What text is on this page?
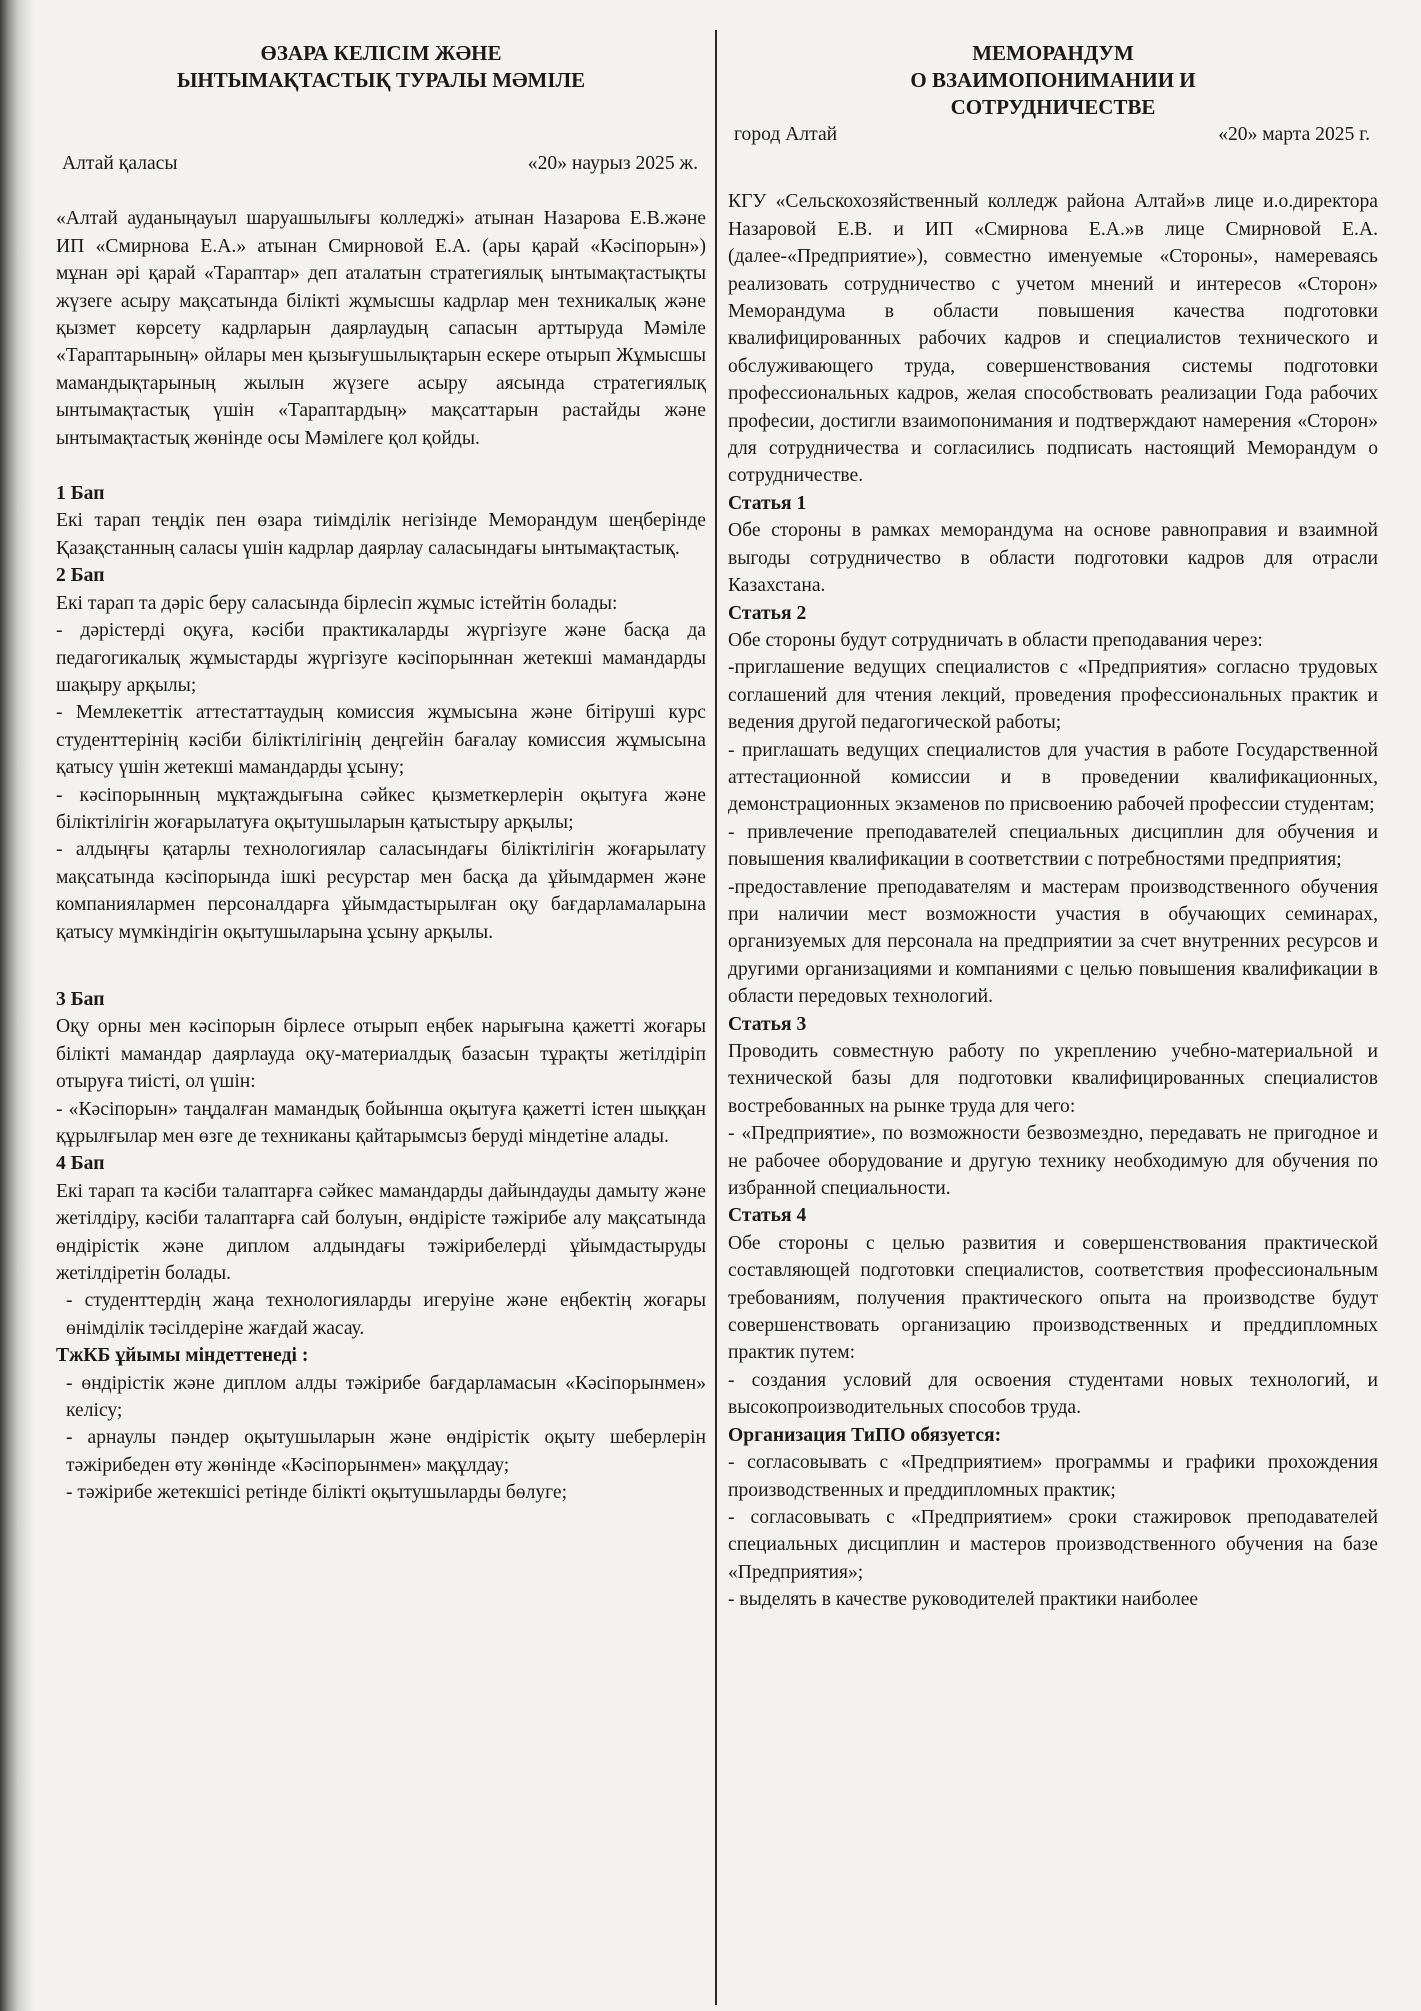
ӨЗАРА КЕЛІСІМ ЖӘНЕ
ЫНТЫМАҚТАСТЫҚ ТУРАЛЫ МӘМІЛЕ
Алтай қаласы	«20» наурыз 2025 ж.

«Алтай ауданыңауыл шаруашылығы колледжі» атынан Назарова Е.В.және ИП «Смирнова Е.А.» атынан Смирновой Е.А. (ары қарай «Кәсіпорын») мұнан әрі қарай «Тараптар» деп аталатын стратегиялық ынтымақтастықты жүзеге асыру мақсатында білікті жұмысшы кадрлар мен техникалық және қызмет көрсету кадрларын даярлаудың сапасын арттыруда Мәміле «Тараптарының» ойлары мен қызығушылықтарын ескере отырып Жұмысшы мамандықтарының жылын жүзеге асыру аясында стратегиялық ынтымақтастық үшін «Тараптардың» мақсаттарын растайды және ынтымақтастық жөнінде осы Мәмілеге қол қойды.

1 Бап

Екі тарап теңдік пен өзара тиімділік негізінде Меморандум шеңберінде Қазақстанның саласы үшін кадрлар даярлау саласындағы ынтымақтастық.

2 Бап

Екі тарап та дәріс беру саласында бірлесіп жұмыс істейтін болады:

- дәрістерді оқуға, кәсіби практикаларды жүргізуге және басқа да педагогикалық жұмыстарды жүргізуге кәсіпорыннан жетекші мамандарды шақыру арқылы;

- Мемлекеттік аттестаттаудың комиссия жұмысына және бітіруші курс студенттерінің кәсіби біліктілігінің деңгейін бағалау комиссия жұмысына қатысу үшін жетекші мамандарды ұсыну;

- кәсіпорынның мұқтаждығына сәйкес қызметкерлерін оқытуға және біліктілігін жоғарылатуға оқытушыларын қатыстыру арқылы;

- алдыңғы қатарлы технологиялар саласындағы біліктілігін жоғарылату мақсатында кәсіпорында ішкі ресурстар мен басқа да ұйымдармен және компаниялармен персоналдарға ұйымдастырылған оқу бағдарламаларына қатысу мүмкіндігін оқытушыларына ұсыну арқылы.

3 Бап

Оқу орны мен кәсіпорын бірлесе отырып еңбек нарығына қажетті жоғары білікті мамандар даярлауда оқу-материалдық базасын тұрақты жетілдіріп отыруға тиісті, ол үшін:

- «Кәсіпорын» таңдалған мамандық бойынша оқытуға қажетті істен шыққан құрылғылар мен өзге де техниканы қайтарымсыз беруді міндетіне алады.

4 Бап

Екі тарап та кәсіби талаптарға сәйкес мамандарды дайындауды дамыту және жетілдіру, кәсіби талаптарға сай болуын, өндірісте тәжірибе алу мақсатында өндірістік және диплом алдындағы тәжірибелерді ұйымдастыруды жетілдіретін болады.

- студенттердің жаңа технологияларды игеруіне және еңбектің жоғары өнімділік тәсілдеріне жағдай жасау.

ТжКБ ұйымы міндеттенеді :

- өндірістік және диплом алды тәжірибе бағдарламасын «Кәсіпорынмен» келісу;

- арнаулы пәндер оқытушыларын және өндірістік оқыту шеберлерін тәжірибеден өту жөнінде «Кәсіпорынмен» мақұлдау;

- тәжірибе жетекшісі ретінде білікті оқытушыларды бөлуге;

МЕМОРАНДУМ
О ВЗАИМОПОНИМАНИИ И
СОТРУДНИЧЕСТВЕ
город Алтай	«20» марта 2025 г.

КГУ «Сельскохозяйственный колледж района Алтай»в лице и.о.директора Назаровой Е.В. и ИП «Смирнова Е.А.»в лице Смирновой Е.А. (далее-«Предприятие»), совместно именуемые «Стороны», намереваясь реализовать сотрудничество с учетом мнений и интересов «Сторон» Меморандума в области повышения качества подготовки квалифицированных рабочих кадров и специалистов технического и обслуживающего труда, совершенствования системы подготовки профессиональных кадров, желая способствовать реализации Года рабочих професии, достигли взаимопонимания и подтверждают намерения «Сторон» для сотрудничества и согласились подписать настоящий Меморандум о сотрудничестве.

Статья 1

Обе стороны в рамках меморандума на основе равноправия и взаимной выгоды сотрудничество в области подготовки кадров для отрасли Казахстана.

Статья 2

Обе стороны будут сотрудничать в области преподавания через:

-приглашение ведущих специалистов с «Предприятия» согласно трудовых соглашений для чтения лекций, проведения профессиональных практик и ведения другой педагогической работы;

- приглашать ведущих специалистов для участия в работе Государственной аттестационной комиссии и в проведении квалификационных, демонстрационных экзаменов по присвоению рабочей профессии студентам;

- привлечение преподавателей специальных дисциплин для обучения и повышения квалификации в соответствии с потребностями предприятия;

-предоставление преподавателям и мастерам производственного обучения при наличии мест возможности участия в обучающих семинарах, организуемых для персонала на предприятии за счет внутренних ресурсов и другими организациями и компаниями с целью повышения квалификации в области передовых технологий.

Статья 3

Проводить совместную работу по укреплению учебно-материальной и технической базы для подготовки квалифицированных специалистов востребованных на рынке труда для чего:

- «Предприятие», по возможности безвозмездно, передавать не пригодное и не рабочее оборудование и другую технику необходимую для обучения по избранной специальности.

Статья 4

Обе стороны с целью развития и совершенствования практической составляющей подготовки специалистов, соответствия профессиональным требованиям, получения практического опыта на производстве будут совершенствовать организацию производственных и преддипломных практик путем:

- создания условий для освоения студентами новых технологий, и высокопроизводительных способов труда.

Организация ТиПО обязуется:

- согласовывать с «Предприятием» программы и графики прохождения производственных и преддипломных практик;

- согласовывать с «Предприятием» сроки стажировок преподавателей специальных дисциплин и мастеров производственного обучения на базе «Предприятия»;

- выделять в качестве руководителей практики наиболее
